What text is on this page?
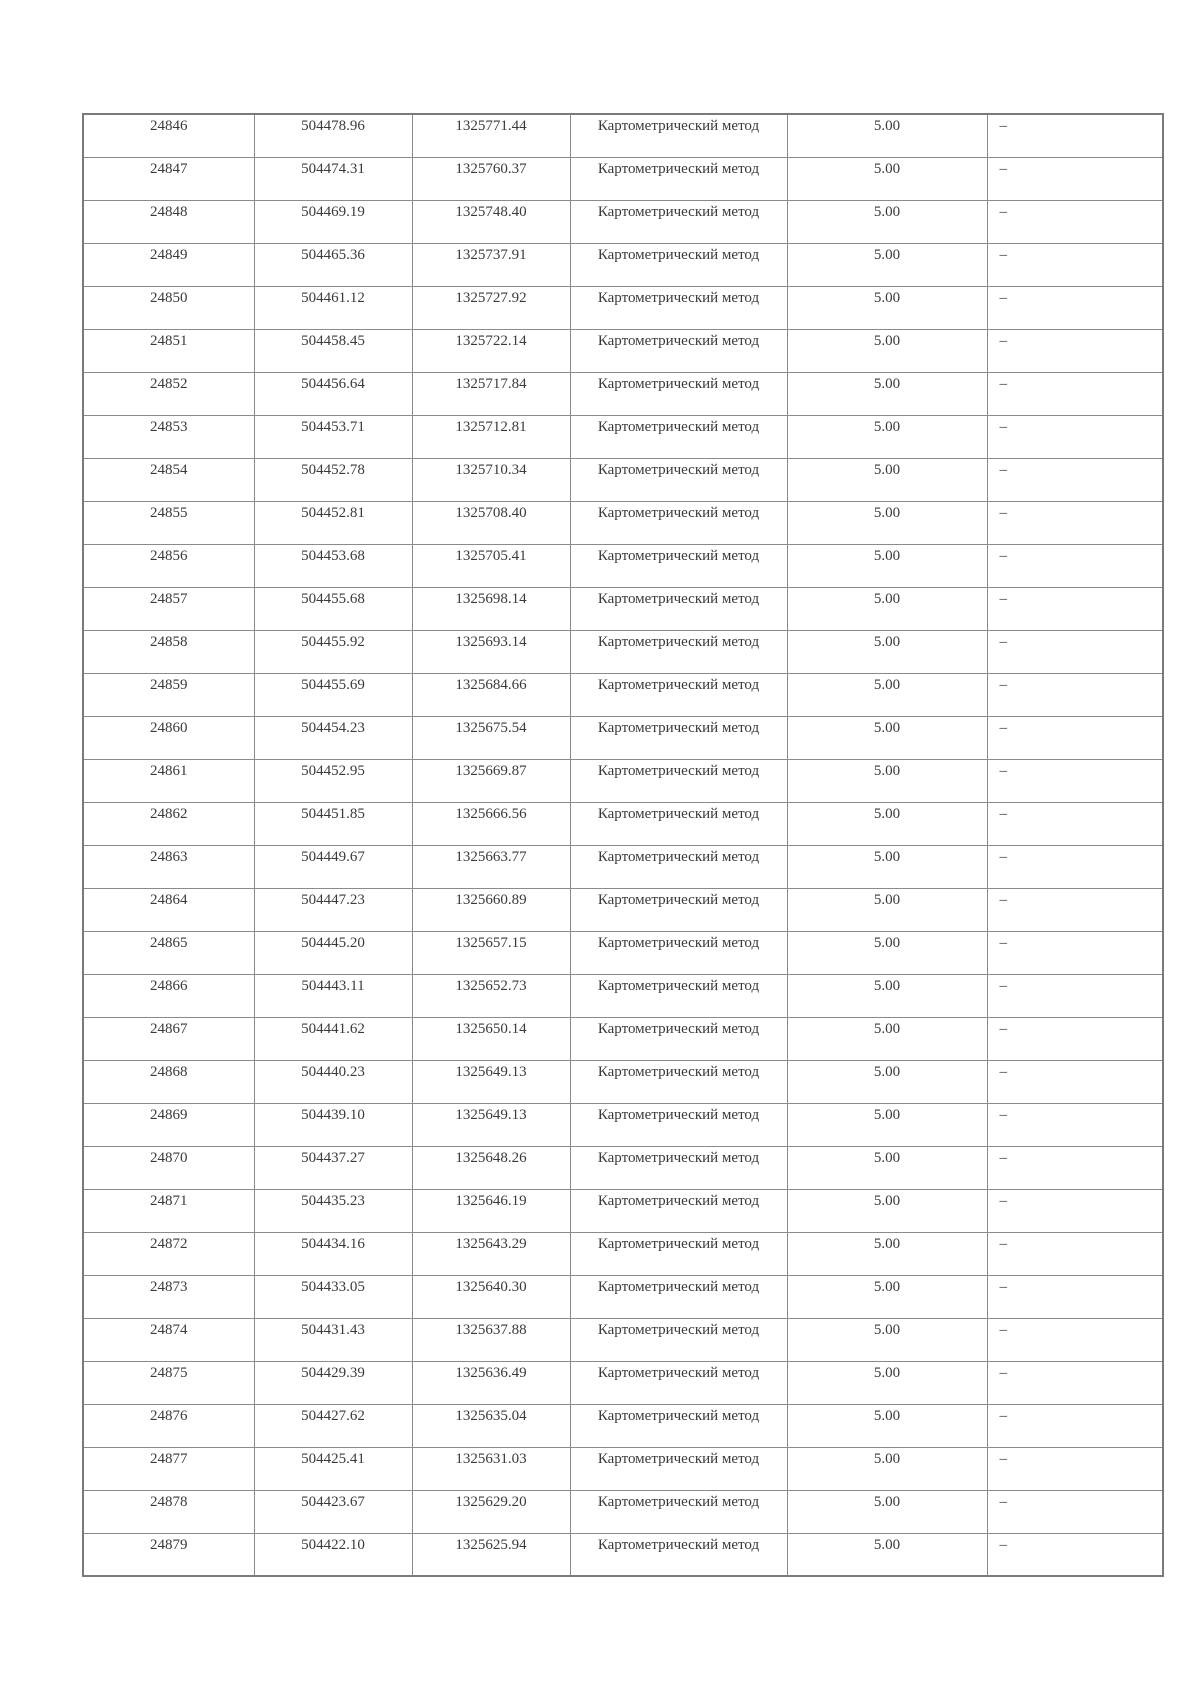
24846	504478.96	1325771.44	Картометрический метод	5.00	–
24847	504474.31	1325760.37	Картометрический метод	5.00	–
24848	504469.19	1325748.40	Картометрический метод	5.00	–
24849	504465.36	1325737.91	Картометрический метод	5.00	–
24850	504461.12	1325727.92	Картометрический метод	5.00	–
24851	504458.45	1325722.14	Картометрический метод	5.00	–
24852	504456.64	1325717.84	Картометрический метод	5.00	–
24853	504453.71	1325712.81	Картометрический метод	5.00	–
24854	504452.78	1325710.34	Картометрический метод	5.00	–
24855	504452.81	1325708.40	Картометрический метод	5.00	–
24856	504453.68	1325705.41	Картометрический метод	5.00	–
24857	504455.68	1325698.14	Картометрический метод	5.00	–
24858	504455.92	1325693.14	Картометрический метод	5.00	–
24859	504455.69	1325684.66	Картометрический метод	5.00	–
24860	504454.23	1325675.54	Картометрический метод	5.00	–
24861	504452.95	1325669.87	Картометрический метод	5.00	–
24862	504451.85	1325666.56	Картометрический метод	5.00	–
24863	504449.67	1325663.77	Картометрический метод	5.00	–
24864	504447.23	1325660.89	Картометрический метод	5.00	–
24865	504445.20	1325657.15	Картометрический метод	5.00	–
24866	504443.11	1325652.73	Картометрический метод	5.00	–
24867	504441.62	1325650.14	Картометрический метод	5.00	–
24868	504440.23	1325649.13	Картометрический метод	5.00	–
24869	504439.10	1325649.13	Картометрический метод	5.00	–
24870	504437.27	1325648.26	Картометрический метод	5.00	–
24871	504435.23	1325646.19	Картометрический метод	5.00	–
24872	504434.16	1325643.29	Картометрический метод	5.00	–
24873	504433.05	1325640.30	Картометрический метод	5.00	–
24874	504431.43	1325637.88	Картометрический метод	5.00	–
24875	504429.39	1325636.49	Картометрический метод	5.00	–
24876	504427.62	1325635.04	Картометрический метод	5.00	–
24877	504425.41	1325631.03	Картометрический метод	5.00	–
24878	504423.67	1325629.20	Картометрический метод	5.00	–
24879	504422.10	1325625.94	Картометрический метод	5.00	–
